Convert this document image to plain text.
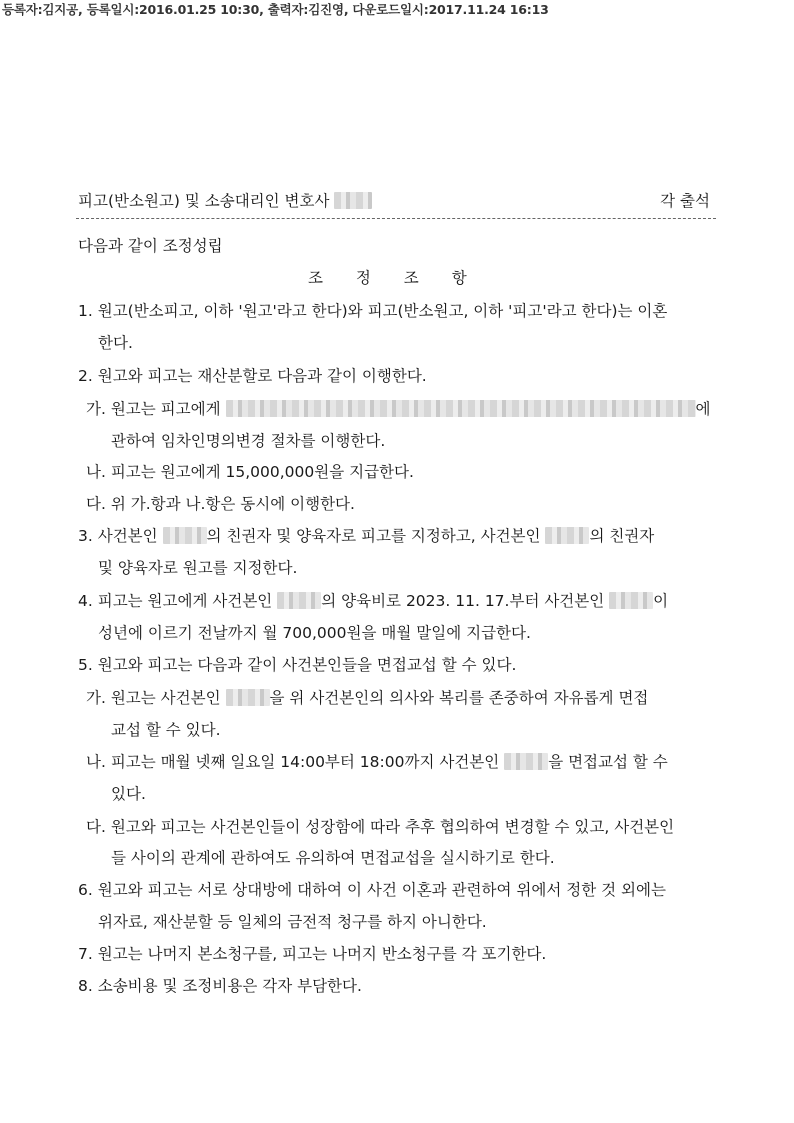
등록자:김지공, 등록일시:2016.01.25 10:30, 출력자:김진영, 다운로드일시:2017.11.24 16:13
피고(반소원고) 및 소송대리인 변호사	각 출석
다음과 같이 조정성립
조 정 조 항
1. 원고(반소피고, 이하 '원고'라고 한다)와 피고(반소원고, 이하 '피고'라고 한다)는 이혼
한다.
2. 원고와 피고는 재산분할로 다음과 같이 이행한다.
가. 원고는 피고에게	에
관하여 임차인명의변경 절차를 이행한다.
나. 피고는 원고에게 15,000,000원을 지급한다.
다. 위 가.항과 나.항은 동시에 이행한다.
3. 사건본인	의 친권자 및 양육자로 피고를 지정하고, 사건본인	의 친권자
및 양육자로 원고를 지정한다.
4. 피고는 원고에게 사건본인	의 양육비로 2023. 11. 17.부터 사건본인	이
성년에 이르기 전날까지 월 700,000원을 매월 말일에 지급한다.
5. 원고와 피고는 다음과 같이 사건본인들을 면접교섭 할 수 있다.
가. 원고는 사건본인	을 위 사건본인의 의사와 복리를 존중하여 자유롭게 면접
교섭 할 수 있다.
나. 피고는 매월 넷째 일요일 14:00부터 18:00까지 사건본인	을 면접교섭 할 수
있다.
다. 원고와 피고는 사건본인들이 성장함에 따라 추후 협의하여 변경할 수 있고, 사건본인
들 사이의 관계에 관하여도 유의하여 면접교섭을 실시하기로 한다.
6. 원고와 피고는 서로 상대방에 대하여 이 사건 이혼과 관련하여 위에서 정한 것 외에는
위자료, 재산분할 등 일체의 금전적 청구를 하지 아니한다.
7. 원고는 나머지 본소청구를, 피고는 나머지 반소청구를 각 포기한다.
8. 소송비용 및 조정비용은 각자 부담한다.
